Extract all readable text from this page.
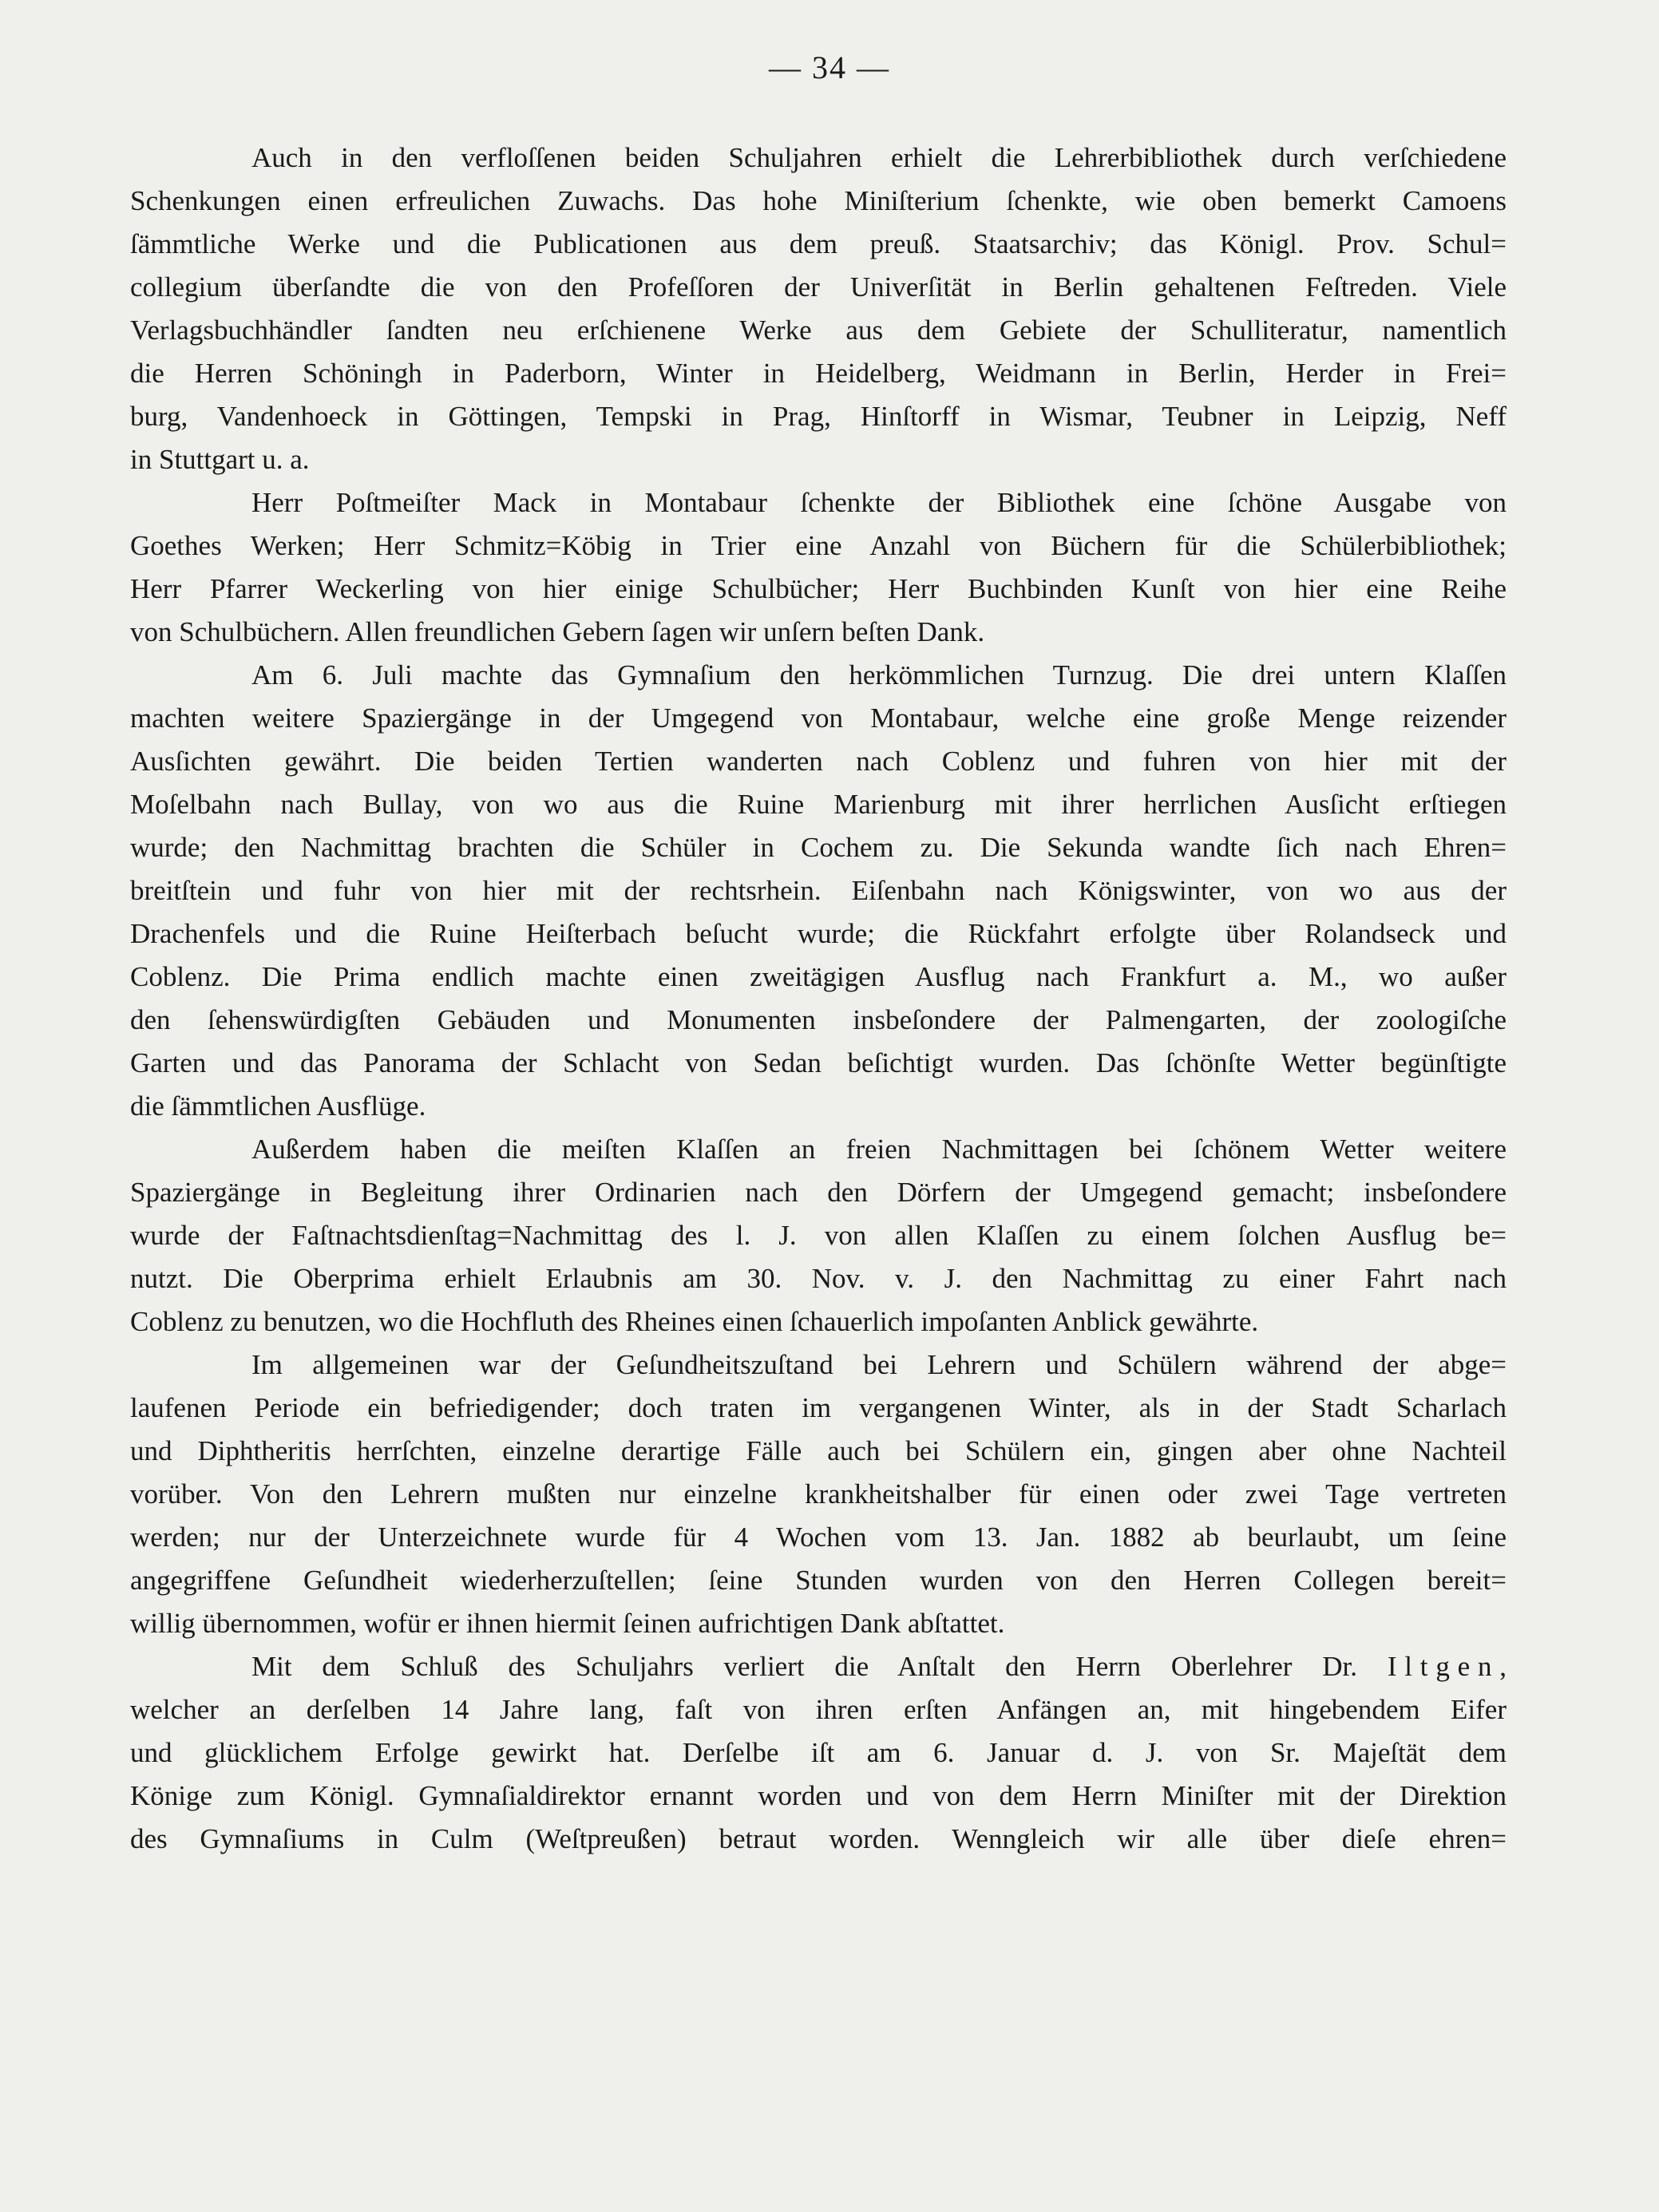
— 34 —
Auch in den verfloſſenen beiden Schuljahren erhielt die Lehrerbibliothek durch verſchiedene
Schenkungen einen erfreulichen Zuwachs. Das hohe Miniſterium ſchenkte, wie oben bemerkt Camoens
ſämmtliche Werke und die Publicationen aus dem preuß. Staatsarchiv; das Königl. Prov. Schul=
collegium überſandte die von den Profeſſoren der Univerſität in Berlin gehaltenen Feſtreden. Viele
Verlagsbuchhändler ſandten neu erſchienene Werke aus dem Gebiete der Schulliteratur, namentlich
die Herren Schöningh in Paderborn, Winter in Heidelberg, Weidmann in Berlin, Herder in Frei=
burg, Vandenhoeck in Göttingen, Tempski in Prag, Hinſtorff in Wismar, Teubner in Leipzig, Neff
in Stuttgart u. a.
Herr Poſtmeiſter Mack in Montabaur ſchenkte der Bibliothek eine ſchöne Ausgabe von
Goethes Werken; Herr Schmitz=Köbig in Trier eine Anzahl von Büchern für die Schülerbibliothek;
Herr Pfarrer Weckerling von hier einige Schulbücher; Herr Buchbinden Kunſt von hier eine Reihe
von Schulbüchern. Allen freundlichen Gebern ſagen wir unſern beſten Dank.
Am 6. Juli machte das Gymnaſium den herkömmlichen Turnzug. Die drei untern Klaſſen
machten weitere Spaziergänge in der Umgegend von Montabaur, welche eine große Menge reizender
Ausſichten gewährt. Die beiden Tertien wanderten nach Coblenz und fuhren von hier mit der
Moſelbahn nach Bullay, von wo aus die Ruine Marienburg mit ihrer herrlichen Ausſicht erſtiegen
wurde; den Nachmittag brachten die Schüler in Cochem zu. Die Sekunda wandte ſich nach Ehren=
breitſtein und fuhr von hier mit der rechtsrhein. Eiſenbahn nach Königswinter, von wo aus der
Drachenfels und die Ruine Heiſterbach beſucht wurde; die Rückfahrt erfolgte über Rolandseck und
Coblenz. Die Prima endlich machte einen zweitägigen Ausflug nach Frankfurt a. M., wo außer
den ſehenswürdigſten Gebäuden und Monumenten insbeſondere der Palmengarten, der zoologiſche
Garten und das Panorama der Schlacht von Sedan beſichtigt wurden. Das ſchönſte Wetter begünſtigte
die ſämmtlichen Ausflüge.
Außerdem haben die meiſten Klaſſen an freien Nachmittagen bei ſchönem Wetter weitere
Spaziergänge in Begleitung ihrer Ordinarien nach den Dörfern der Umgegend gemacht; insbeſondere
wurde der Faſtnachtsdienſtag=Nachmittag des l. J. von allen Klaſſen zu einem ſolchen Ausflug be=
nutzt. Die Oberprima erhielt Erlaubnis am 30. Nov. v. J. den Nachmittag zu einer Fahrt nach
Coblenz zu benutzen, wo die Hochfluth des Rheines einen ſchauerlich impoſanten Anblick gewährte.
Im allgemeinen war der Geſundheitszuſtand bei Lehrern und Schülern während der abge=
laufenen Periode ein befriedigender; doch traten im vergangenen Winter, als in der Stadt Scharlach
und Diphtheritis herrſchten, einzelne derartige Fälle auch bei Schülern ein, gingen aber ohne Nachteil
vorüber. Von den Lehrern mußten nur einzelne krankheitshalber für einen oder zwei Tage vertreten
werden; nur der Unterzeichnete wurde für 4 Wochen vom 13. Jan. 1882 ab beurlaubt, um ſeine
angegriffene Geſundheit wiederherzuſtellen; ſeine Stunden wurden von den Herren Collegen bereit=
willig übernommen, wofür er ihnen hiermit ſeinen aufrichtigen Dank abſtattet.
Mit dem Schluß des Schuljahrs verliert die Anſtalt den Herrn Oberlehrer Dr. Iltgen,
welcher an derſelben 14 Jahre lang, faſt von ihren erſten Anfängen an, mit hingebendem Eifer
und glücklichem Erfolge gewirkt hat. Derſelbe iſt am 6. Januar d. J. von Sr. Majeſtät dem
Könige zum Königl. Gymnaſialdirektor ernannt worden und von dem Herrn Miniſter mit der Direktion
des Gymnaſiums in Culm (Weſtpreußen) betraut worden. Wenngleich wir alle über dieſe ehren=
